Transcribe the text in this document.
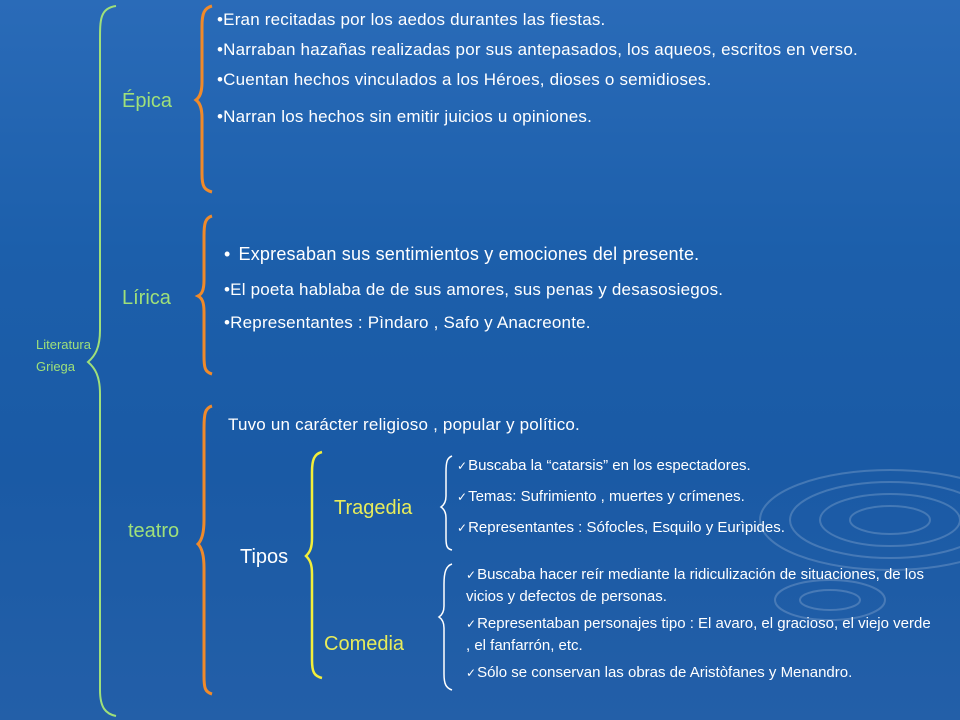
Literatura
Griega
Épica
• Eran recitadas por los aedos durantes las fiestas.
• Narraban hazañas realizadas por sus antepasados, los aqueos, escritos en verso.
• Cuentan hechos vinculados a los Héroes, dioses o semidioses.
• Narran los hechos sin emitir juicios u opiniones.
Lírica
• Expresaban sus sentimientos y emociones del presente.
• El poeta hablaba de de sus amores, sus penas y desasosiegos.
• Representantes : Pìndaro , Safo y Anacreonte.
teatro
Tuvo un carácter religioso , popular y político.
Tipos
Tragedia
✓ Buscaba la “catarsis” en los espectadores.
✓ Temas: Sufrimiento , muertes y crímenes.
✓ Representantes : Sófocles, Esquilo y Eurìpides.
Comedia
✓ Buscaba hacer reír mediante la ridiculización de situaciones, de los vicios y defectos de personas.
✓ Representaban personajes tipo : El avaro, el gracioso, el viejo verde , el fanfarrón, etc.
✓ Sólo se conservan las obras de Aristòfanes y Menandro.
